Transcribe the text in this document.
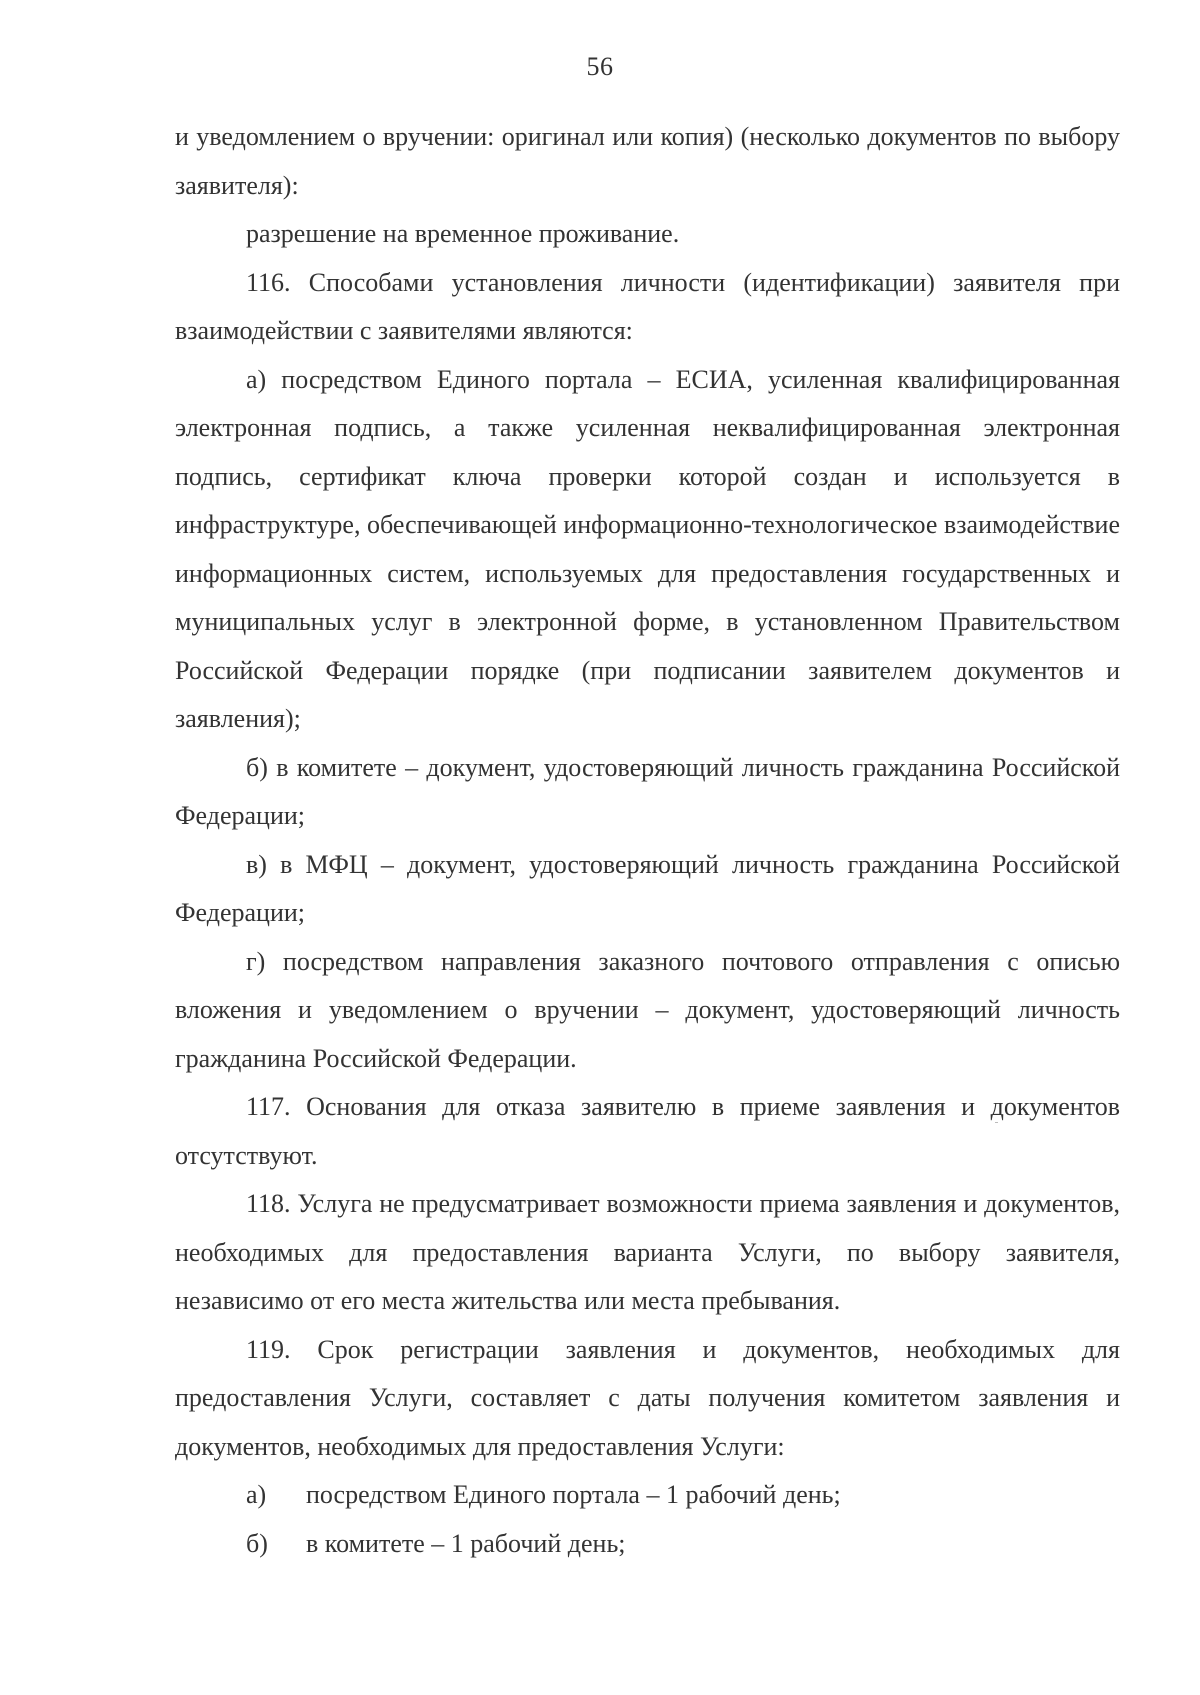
56

и уведомлением о вручении: оригинал или копия) (несколько документов по выбору заявителя):

разрешение на временное проживание.

116. Способами установления личности (идентификации) заявителя при взаимодействии с заявителями являются:

а) посредством Единого портала – ЕСИА, усиленная квалифицированная электронная подпись, а также усиленная неквалифицированная электронная подпись, сертификат ключа проверки которой создан и используется в инфраструктуре, обеспечивающей информационно-технологическое взаимодействие информационных систем, используемых для предоставления государственных и муниципальных услуг в электронной форме, в установленном Правительством Российской Федерации порядке (при подписании заявителем документов и заявления);

б) в комитете – документ, удостоверяющий личность гражданина Российской Федерации;

в) в МФЦ – документ, удостоверяющий личность гражданина Российской Федерации;

г) посредством направления заказного почтового отправления с описью вложения и уведомлением о вручении – документ, удостоверяющий личность гражданина Российской Федерации.

117. Основания для отказа заявителю в приеме заявления и документов отсутствуют.

118. Услуга не предусматривает возможности приема заявления и документов, необходимых для предоставления варианта Услуги, по выбору заявителя, независимо от его места жительства или места пребывания.

119. Срок регистрации заявления и документов, необходимых для предоставления Услуги, составляет с даты получения комитетом заявления и документов, необходимых для предоставления Услуги:

а)	посредством Единого портала – 1 рабочий день;
б)	в комитете – 1 рабочий день;
